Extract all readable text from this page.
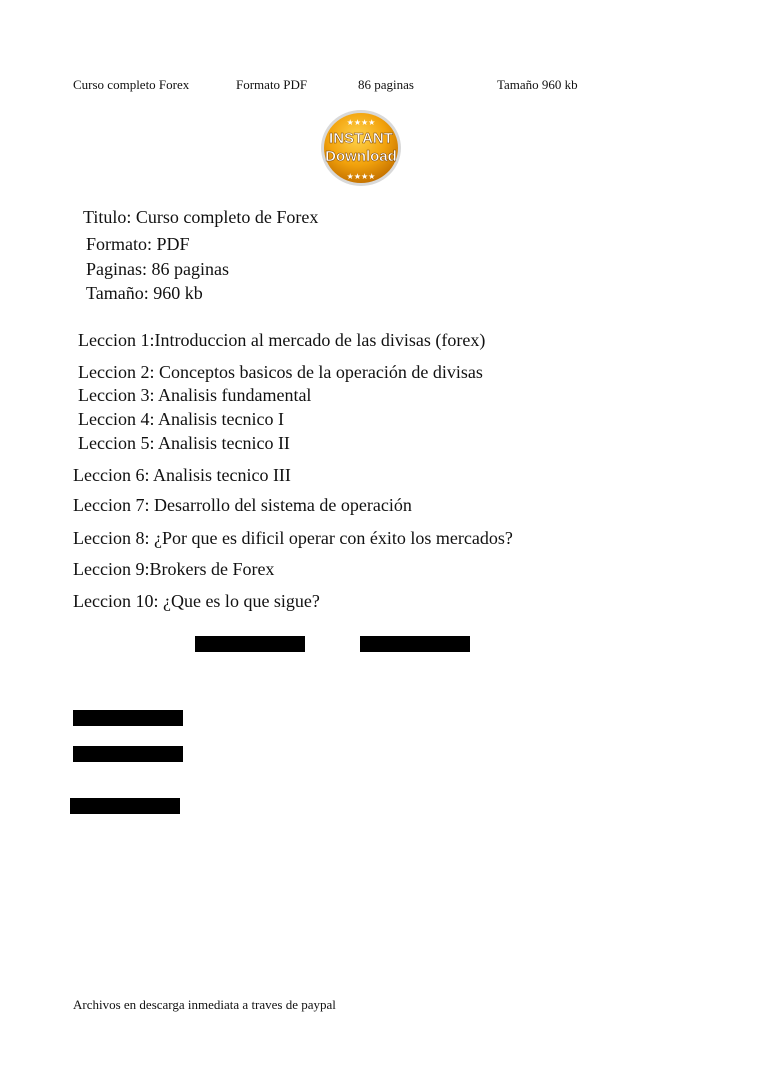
Curso completo Forex	Formato PDF	86 paginas	Tamaño 960 kb
★★★★
★★★★
INSTANT
Download
Titulo: Curso completo de Forex
Formato: PDF
Paginas: 86 paginas
Tamaño: 960 kb
Leccion 1:Introduccion al mercado de las divisas (forex)
Leccion 2: Conceptos basicos de la operación de divisas
Leccion 3: Analisis fundamental
Leccion 4: Analisis tecnico I
Leccion 5: Analisis tecnico II
Leccion 6: Analisis tecnico III
Leccion 7: Desarrollo del sistema de operación
Leccion 8: ¿Por que es dificil operar con éxito los mercados?
Leccion 9:Brokers de Forex
Leccion 10: ¿Que es lo que sigue?
Archivos en descarga inmediata a traves de paypal
